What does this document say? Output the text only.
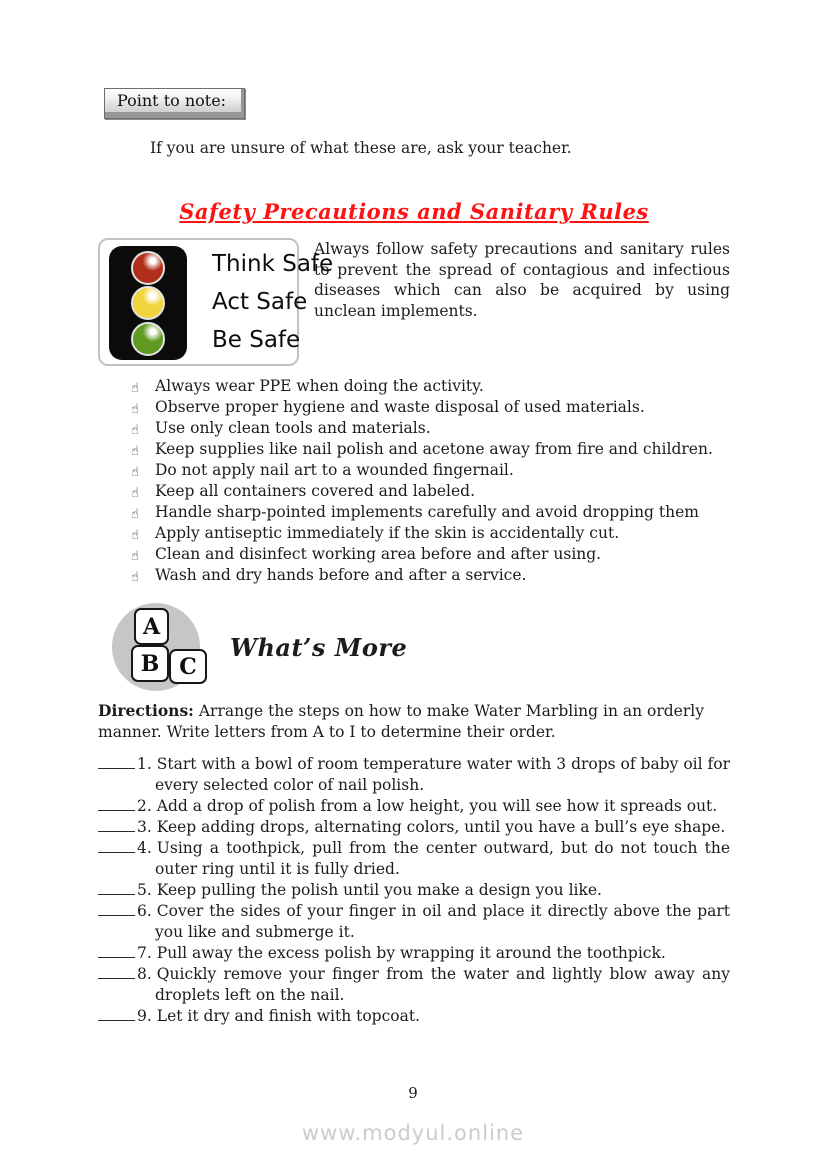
Point to note:

If you are unsure of what these are, ask your teacher.

Safety Precautions and Sanitary Rules
Think Safe
Act Safe
Be Safe

Always follow safety precautions and sanitary rules to prevent the spread of contagious and infectious diseases which can also be acquired by using unclean implements.

☝ Always wear PPE when doing the activity.
☝ Observe proper hygiene and waste disposal of used materials.
☝ Use only clean tools and materials.
☝ Keep supplies like nail polish and acetone away from fire and children.
☝ Do not apply nail art to a wounded fingernail.
☝ Keep all containers covered and labeled.
☝ Handle sharp-pointed implements carefully and avoid dropping them
☝ Apply antiseptic immediately if the skin is accidentally cut.
☝ Clean and disinfect working area before and after using.
☝ Wash and dry hands before and after a service.
A
B C
What’s More

Directions: Arrange the steps on how to make Water Marbling in an orderly manner. Write letters from A to I to determine their order.

1. Start with a bowl of room temperature water with 3 drops of baby oil for every selected color of nail polish.
2. Add a drop of polish from a low height, you will see how it spreads out.
3. Keep adding drops, alternating colors, until you have a bull’s eye shape.
4. Using a toothpick, pull from the center outward, but do not touch the outer ring until it is fully dried.
5. Keep pulling the polish until you make a design you like.
6. Cover the sides of your finger in oil and place it directly above the part you like and submerge it.
7. Pull away the excess polish by wrapping it around the toothpick.
8. Quickly remove your finger from the water and lightly blow away any droplets left on the nail.
9. Let it dry and finish with topcoat.
9
www.modyul.online
